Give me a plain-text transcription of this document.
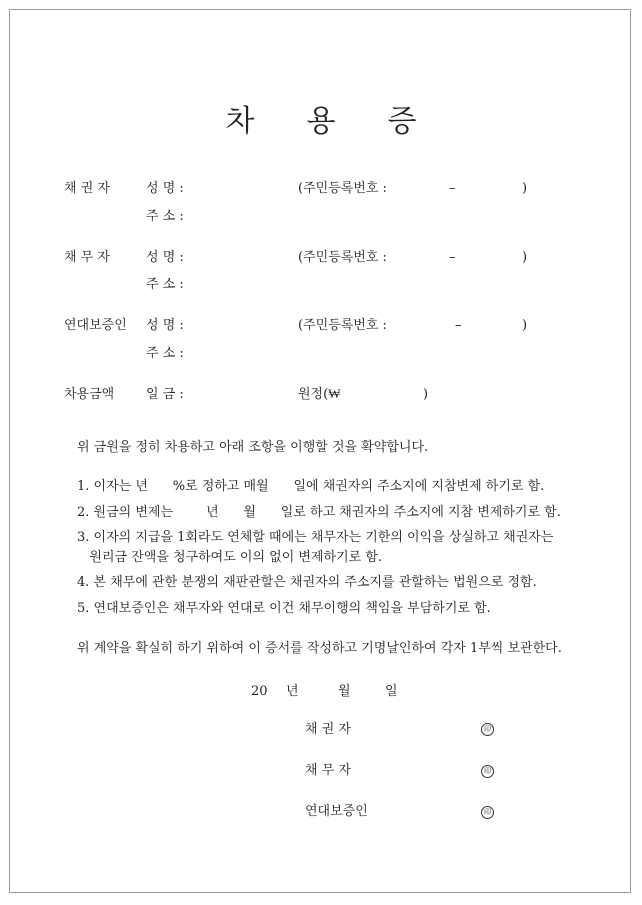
차 용 증
채 권 자	성 명 :	(주민등록번호 :	–	)
주 소 :
채 무 자	성 명 :	(주민등록번호 :	–	)
주 소 :
연대보증인 성 명 :	(주민등록번호 :	–	)
주 소 :
차용금액 일 금 :	원정(₩	)
위 금원을 정히 차용하고 아래 조항을 이행할 것을 확약합니다.
1. 이자는 년      %로 정하고 매월      일에 채권자의 주소지에 지참변제 하기로 함.
2. 원금의 변제는        년      월      일로 하고 채권자의 주소지에 지참 변제하기로 함.
3. 이자의 지급을 1회라도 연체할 때에는 채무자는 기한의 이익을 상실하고 채권자는
원리금 잔액을 청구하여도 이의 없이 변제하기로 함.
4. 본 채무에 관한 분쟁의 재판관할은 채권자의 주소지를 관할하는 법원으로 정함.
5. 연대보증인은 채무자와 연대로 이건 채무이행의 책임을 부담하기로 함.
위 계약을 확실히 하기 위하여 이 증서를 작성하고 기명날인하여 각자 1부씩 보관한다.
20 년	월	일
채 권 자	印
채 무 자	印
연대보증인	印
